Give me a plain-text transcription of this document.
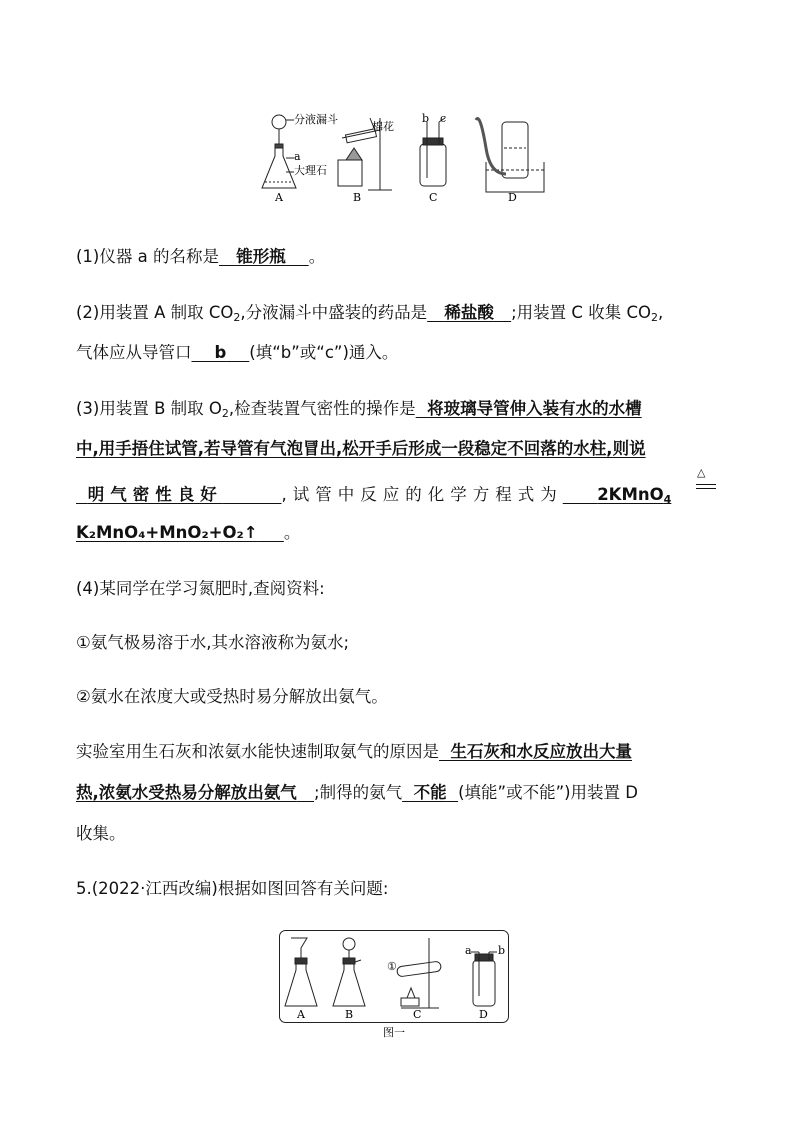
分液漏斗
a
大理石
棉花
b c
A	B	C	D
(1)仪器 a 的名称是 锥形瓶 。
(2)用装置 A 制取 $CO_2$,分液漏斗中盛装的药品是 稀盐酸 ;用装置 C 收集 $CO_2$,
气体应从导管口 b (填“b”或“c”)通入。
(3)用装置 B 制取 $O_2$,检查装置气密性的操作是 将玻璃导管伸入装有水的水槽
中,用手捂住试管,若导管有气泡冒出,松开手后形成一段稳定不回落的水柱,则说
明气密性良好	,试管中反应的化学方程式为 2KMnO$_4$
△
K₂MnO₄+MnO₂+O₂↑ 。
(4)某同学在学习氮肥时,查阅资料:
①氨气极易溶于水,其水溶液称为氨水;
②氨水在浓度大或受热时易分解放出氨气。
实验室用生石灰和浓氨水能快速制取氨气的原因是 生石灰和水反应放出大量
热,浓氨水受热易分解放出氨气 ;制得的氨气 不能 (填能”或不能”)用装置 D
收集。
5.(2022·江西改编)根据如图回答有关问题:
A	B	C	D
a b
①
图一
